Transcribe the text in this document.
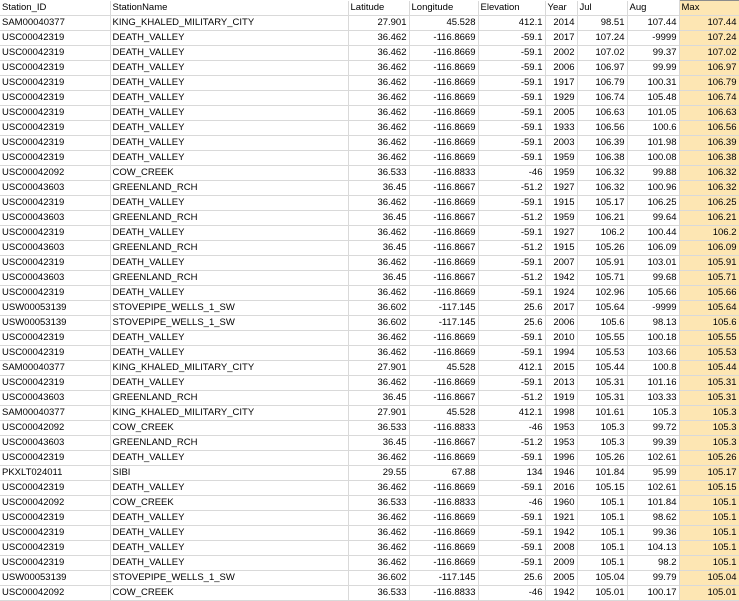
Station_ID	StationName	Latitude	Longitude	Elevation	Year	Jul	Aug	Max
SAM00040377	KING_KHALED_MILITARY_CITY	27.901	45.528	412.1	2014	98.51	107.44	107.44
USC00042319	DEATH_VALLEY	36.462	-116.8669	-59.1	2017	107.24	-9999	107.24
USC00042319	DEATH_VALLEY	36.462	-116.8669	-59.1	2002	107.02	99.37	107.02
USC00042319	DEATH_VALLEY	36.462	-116.8669	-59.1	2006	106.97	99.99	106.97
USC00042319	DEATH_VALLEY	36.462	-116.8669	-59.1	1917	106.79	100.31	106.79
USC00042319	DEATH_VALLEY	36.462	-116.8669	-59.1	1929	106.74	105.48	106.74
USC00042319	DEATH_VALLEY	36.462	-116.8669	-59.1	2005	106.63	101.05	106.63
USC00042319	DEATH_VALLEY	36.462	-116.8669	-59.1	1933	106.56	100.6	106.56
USC00042319	DEATH_VALLEY	36.462	-116.8669	-59.1	2003	106.39	101.98	106.39
USC00042319	DEATH_VALLEY	36.462	-116.8669	-59.1	1959	106.38	100.08	106.38
USC00042092	COW_CREEK	36.533	-116.8833	-46	1959	106.32	99.88	106.32
USC00043603	GREENLAND_RCH	36.45	-116.8667	-51.2	1927	106.32	100.96	106.32
USC00042319	DEATH_VALLEY	36.462	-116.8669	-59.1	1915	105.17	106.25	106.25
USC00043603	GREENLAND_RCH	36.45	-116.8667	-51.2	1959	106.21	99.64	106.21
USC00042319	DEATH_VALLEY	36.462	-116.8669	-59.1	1927	106.2	100.44	106.2
USC00043603	GREENLAND_RCH	36.45	-116.8667	-51.2	1915	105.26	106.09	106.09
USC00042319	DEATH_VALLEY	36.462	-116.8669	-59.1	2007	105.91	103.01	105.91
USC00043603	GREENLAND_RCH	36.45	-116.8667	-51.2	1942	105.71	99.68	105.71
USC00042319	DEATH_VALLEY	36.462	-116.8669	-59.1	1924	102.96	105.66	105.66
USW00053139	STOVEPIPE_WELLS_1_SW	36.602	-117.145	25.6	2017	105.64	-9999	105.64
USW00053139	STOVEPIPE_WELLS_1_SW	36.602	-117.145	25.6	2006	105.6	98.13	105.6
USC00042319	DEATH_VALLEY	36.462	-116.8669	-59.1	2010	105.55	100.18	105.55
USC00042319	DEATH_VALLEY	36.462	-116.8669	-59.1	1994	105.53	103.66	105.53
SAM00040377	KING_KHALED_MILITARY_CITY	27.901	45.528	412.1	2015	105.44	100.8	105.44
USC00042319	DEATH_VALLEY	36.462	-116.8669	-59.1	2013	105.31	101.16	105.31
USC00043603	GREENLAND_RCH	36.45	-116.8667	-51.2	1919	105.31	103.33	105.31
SAM00040377	KING_KHALED_MILITARY_CITY	27.901	45.528	412.1	1998	101.61	105.3	105.3
USC00042092	COW_CREEK	36.533	-116.8833	-46	1953	105.3	99.72	105.3
USC00043603	GREENLAND_RCH	36.45	-116.8667	-51.2	1953	105.3	99.39	105.3
USC00042319	DEATH_VALLEY	36.462	-116.8669	-59.1	1996	105.26	102.61	105.26
PKXLT024011	SIBI	29.55	67.88	134	1946	101.84	95.99	105.17
USC00042319	DEATH_VALLEY	36.462	-116.8669	-59.1	2016	105.15	102.61	105.15
USC00042092	COW_CREEK	36.533	-116.8833	-46	1960	105.1	101.84	105.1
USC00042319	DEATH_VALLEY	36.462	-116.8669	-59.1	1921	105.1	98.62	105.1
USC00042319	DEATH_VALLEY	36.462	-116.8669	-59.1	1942	105.1	99.36	105.1
USC00042319	DEATH_VALLEY	36.462	-116.8669	-59.1	2008	105.1	104.13	105.1
USC00042319	DEATH_VALLEY	36.462	-116.8669	-59.1	2009	105.1	98.2	105.1
USW00053139	STOVEPIPE_WELLS_1_SW	36.602	-117.145	25.6	2005	105.04	99.79	105.04
USC00042092	COW_CREEK	36.533	-116.8833	-46	1942	105.01	100.17	105.01
